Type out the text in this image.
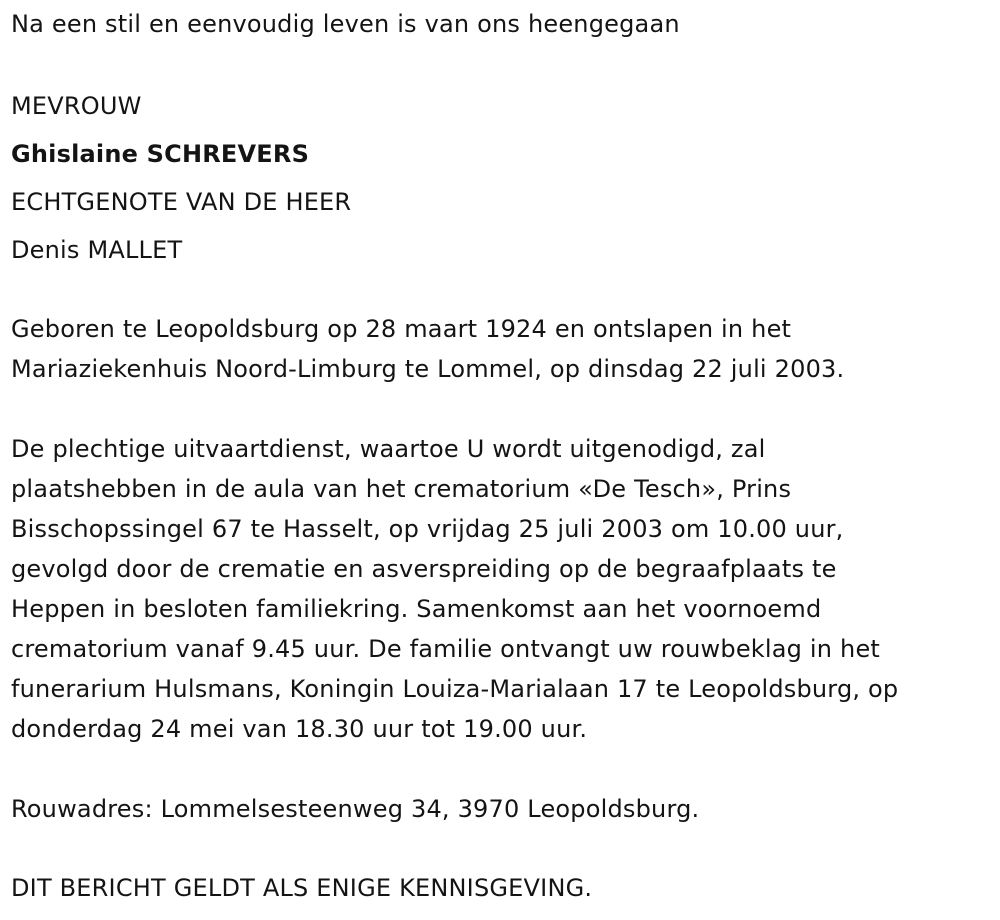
Na een stil en eenvoudig leven is van ons heengegaan
MEVROUW
Ghislaine SCHREVERS
ECHTGENOTE VAN DE HEER
Denis MALLET
Geboren te Leopoldsburg op 28 maart 1924 en ontslapen in het
Mariaziekenhuis Noord-Limburg te Lommel, op dinsdag 22 juli 2003.
De plechtige uitvaartdienst, waartoe U wordt uitgenodigd, zal
plaatshebben in de aula van het crematorium «De Tesch», Prins
Bisschopssingel 67 te Hasselt, op vrijdag 25 juli 2003 om 10.00 uur,
gevolgd door de crematie en asverspreiding op de begraafplaats te
Heppen in besloten familiekring. Samenkomst aan het voornoemd
crematorium vanaf 9.45 uur. De familie ontvangt uw rouwbeklag in het
funerarium Hulsmans, Koningin Louiza-Marialaan 17 te Leopoldsburg, op
donderdag 24 mei van 18.30 uur tot 19.00 uur.
Rouwadres: Lommelsesteenweg 34, 3970 Leopoldsburg.
DIT BERICHT GELDT ALS ENIGE KENNISGEVING.
